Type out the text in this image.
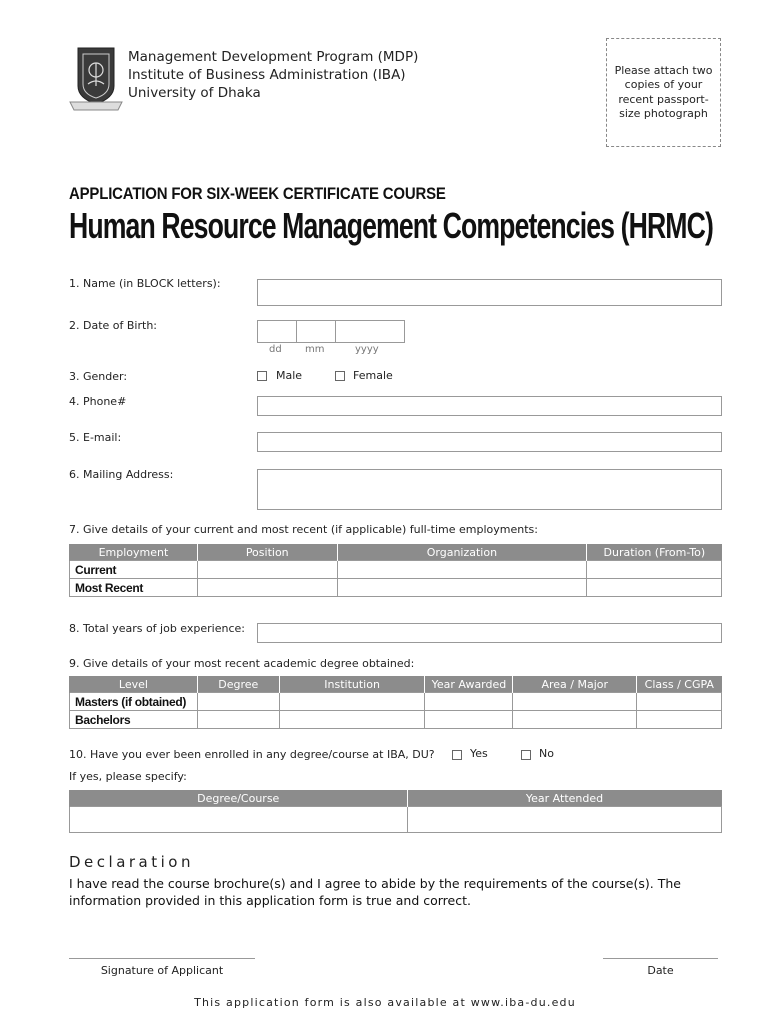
Management Development Program (MDP)
Institute of Business Administration (IBA)
University of Dhaka
Please attach two copies of your recent passport-size photograph
APPLICATION FOR SIX-WEEK CERTIFICATE COURSE
Human Resource Management Competencies (HRMC)
1. Name (in BLOCK letters):
2. Date of Birth:
dd mm	yyyy
3. Gender:	Male	Female
4. Phone#
5. E-mail:
6. Mailing Address:
7. Give details of your current and most recent (if applicable) full-time employments:
Employment	Position	Organization	Duration (From-To)
Current			
Most Recent			
8. Total years of job experience:
9. Give details of your most recent academic degree obtained:
Level	Degree	Institution	Year Awarded	Area / Major	Class / CGPA
Masters (if obtained)					
Bachelors					
10. Have you ever been enrolled in any degree/course at IBA, DU?	Yes	No
If yes, please specify:
Degree/Course	Year Attended

Declaration
I have read the course brochure(s) and I agree to abide by the requirements of the course(s). The information provided in this application form is true and correct.
Signature of Applicant	Date
This application form is also available at www.iba-du.edu
